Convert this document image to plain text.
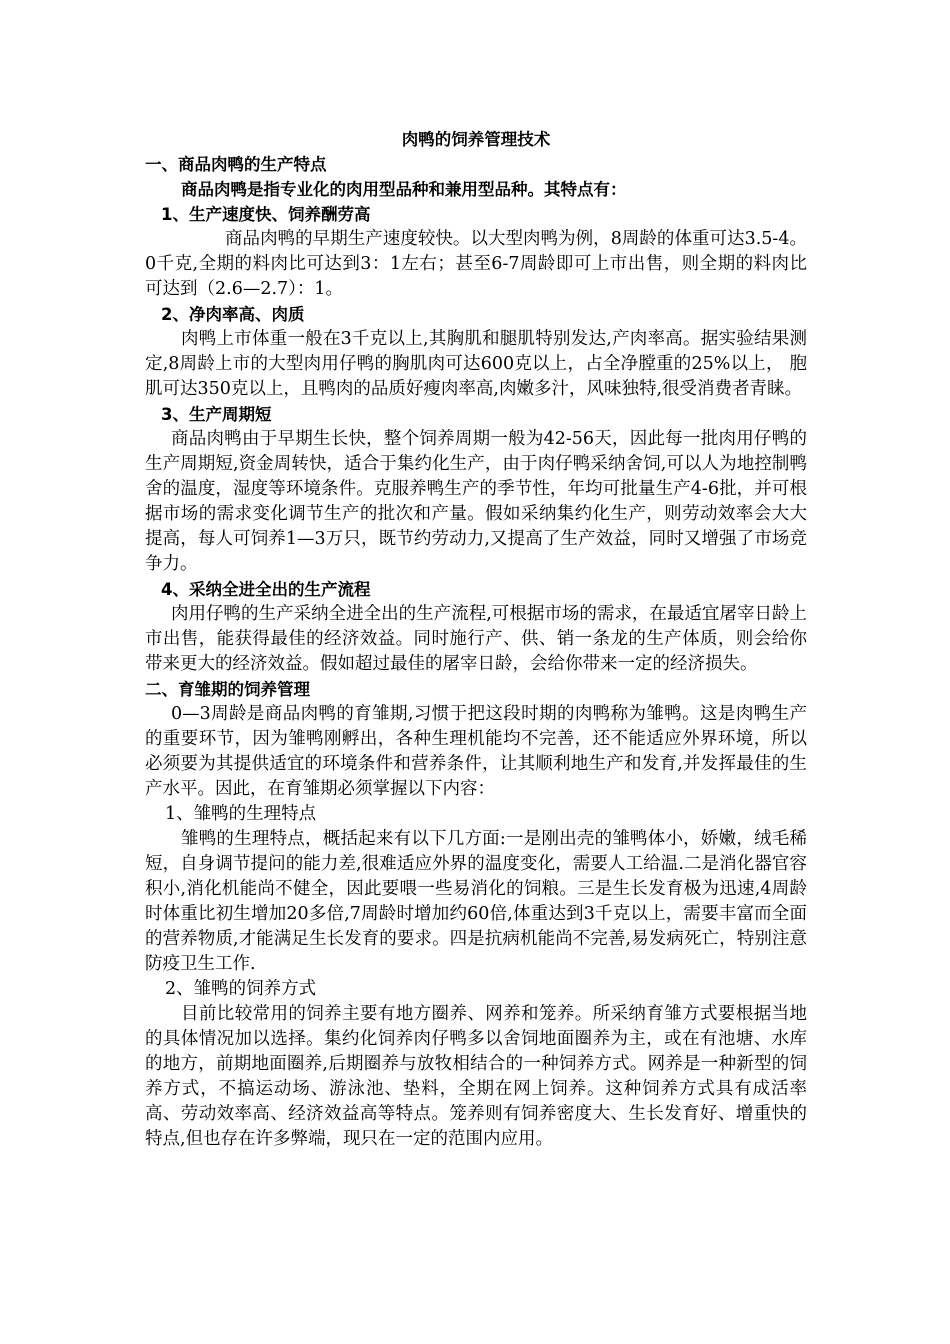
肉鸭的饲养管理技术

一、商品肉鸭的生产特点

商品肉鸭是指专业化的肉用型品种和兼用型品种。其特点有：

1、生产速度快、饲养酬劳高

商品肉鸭的早期生产速度较快。以大型肉鸭为例，8周龄的体重可达3.5-4。0千克,全期的料肉比可达到3：1左右；甚至6-7周龄即可上市出售，则全期的料肉比可达到（2.6—2.7）：1。

2、净肉率高、肉质

肉鸭上市体重一般在3千克以上,其胸肌和腿肌特别发达,产肉率高。据实验结果测定,8周龄上市的大型肉用仔鸭的胸肌肉可达600克以上，占全净膛重的25%以上， 胞肌可达350克以上，且鸭肉的品质好瘦肉率高,肉嫩多汁，风味独特,很受消费者青睐。

3、生产周期短

商品肉鸭由于早期生长快，整个饲养周期一般为42-56天，因此每一批肉用仔鸭的生产周期短,资金周转快，适合于集约化生产，由于肉仔鸭采纳舍饲,可以人为地控制鸭舍的温度，湿度等环境条件。克服养鸭生产的季节性，年均可批量生产4-6批，并可根据市场的需求变化调节生产的批次和产量。假如采纳集约化生产，则劳动效率会大大提高，每人可饲养1—3万只，既节约劳动力,又提高了生产效益，同时又增强了市场竞争力。

4、采纳全进全出的生产流程

肉用仔鸭的生产采纳全进全出的生产流程,可根据市场的需求，在最适宜屠宰日龄上市出售，能获得最佳的经济效益。同时施行产、供、销一条龙的生产体质，则会给你带来更大的经济效益。假如超过最佳的屠宰日龄，会给你带来一定的经济损失。

二、育雏期的饲养管理

0—3周龄是商品肉鸭的育雏期,习惯于把这段时期的肉鸭称为雏鸭。这是肉鸭生产的重要环节，因为雏鸭刚孵出，各种生理机能均不完善，还不能适应外界环境，所以必须要为其提供适宜的环境条件和营养条件，让其顺利地生产和发育,并发挥最佳的生产水平。因此，在育雏期必须掌握以下内容：

1、雏鸭的生理特点

雏鸭的生理特点，概括起来有以下几方面:一是刚出壳的雏鸭体小，娇嫩，绒毛稀短，自身调节提问的能力差,很难适应外界的温度变化，需要人工给温.二是消化器官容积小,消化机能尚不健全，因此要喂一些易消化的饲粮。三是生长发育极为迅速,4周龄时体重比初生增加20多倍,7周龄时增加约60倍,体重达到3千克以上，需要丰富而全面的营养物质,才能满足生长发育的要求。四是抗病机能尚不完善,易发病死亡，特别注意防疫卫生工作.

2、雏鸭的饲养方式

目前比较常用的饲养主要有地方圈养、网养和笼养。所采纳育雏方式要根据当地的具体情况加以选择。集约化饲养肉仔鸭多以舍饲地面圈养为主，或在有池塘、水库的地方，前期地面圈养,后期圈养与放牧相结合的一种饲养方式。网养是一种新型的饲养方式，不搞运动场、游泳池、垫料，全期在网上饲养。这种饲养方式具有成活率高、劳动效率高、经济效益高等特点。笼养则有饲养密度大、生长发育好、增重快的特点,但也存在许多弊端，现只在一定的范围内应用。
